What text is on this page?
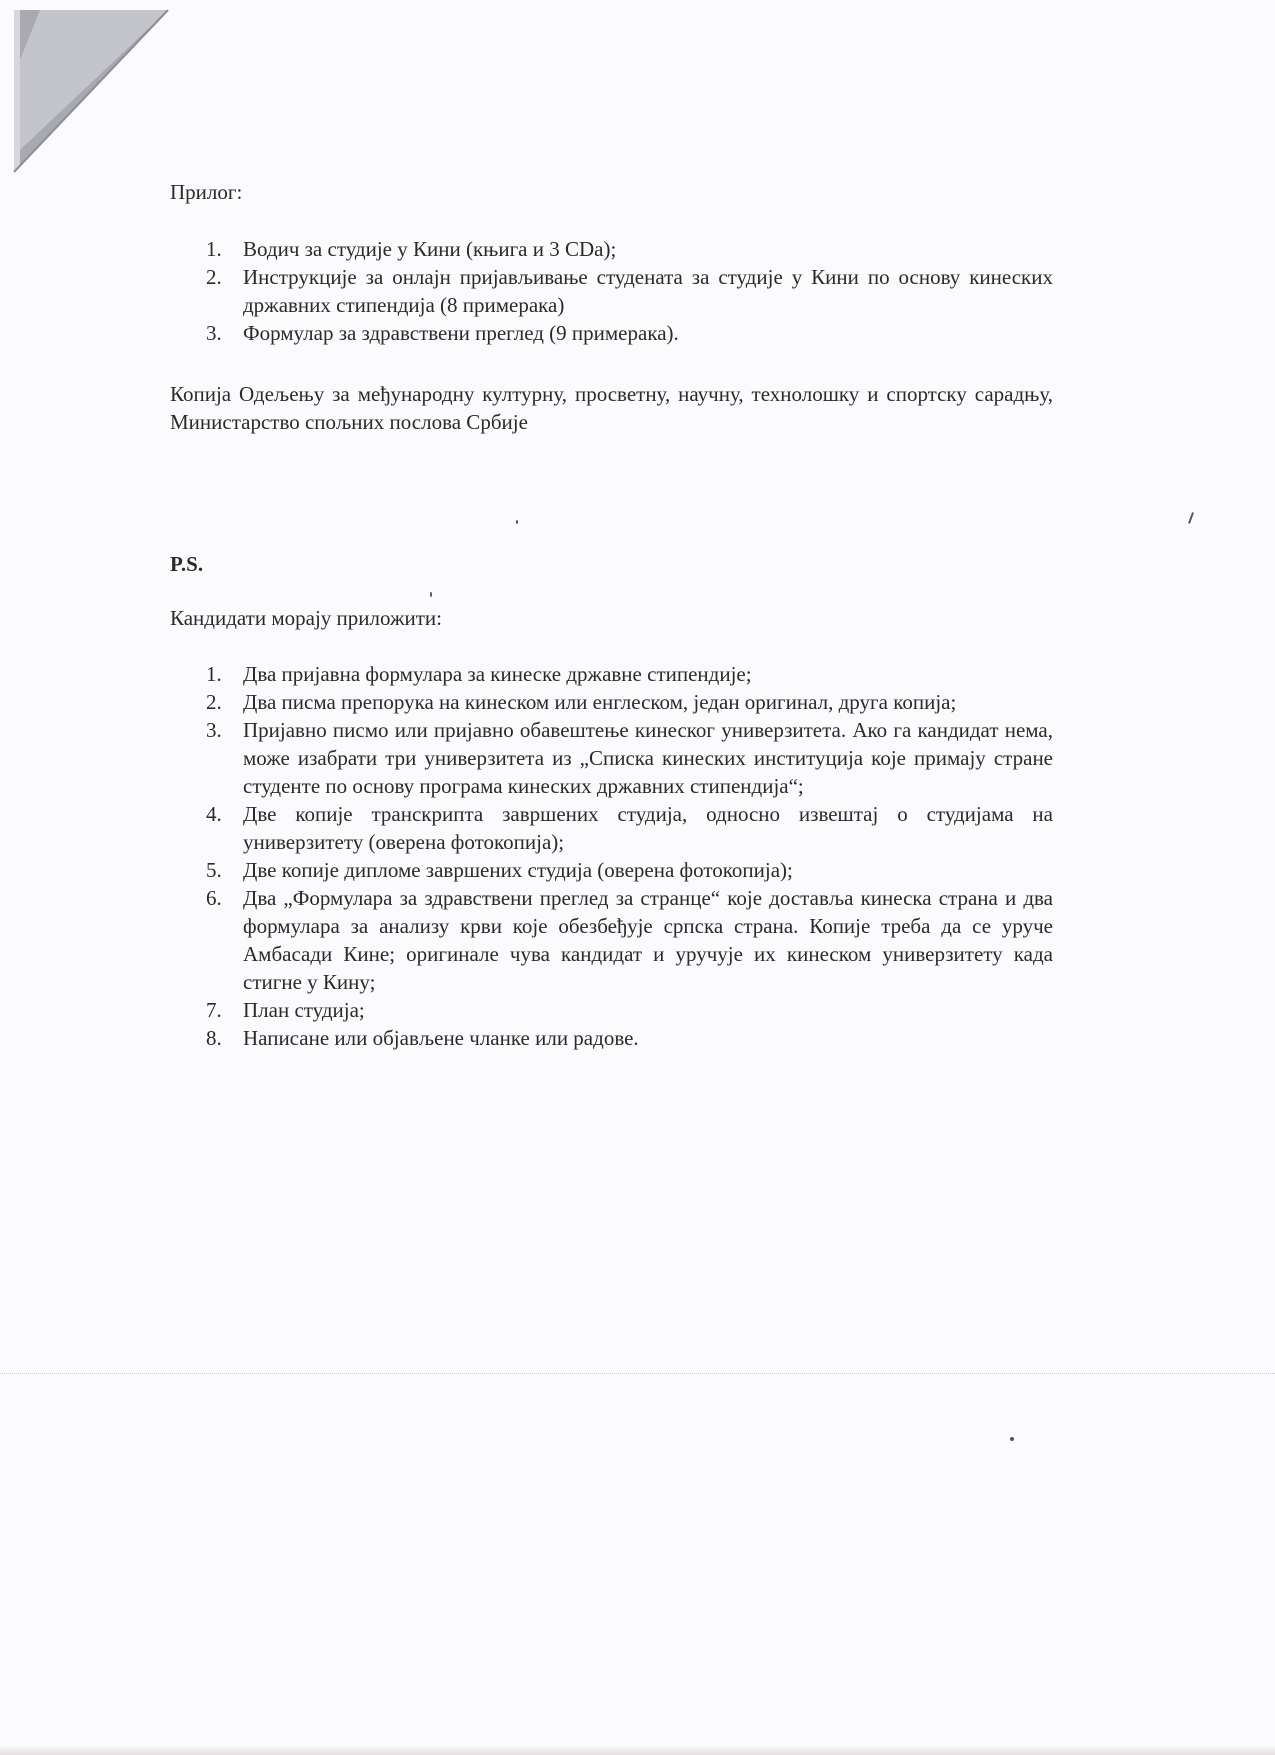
Прилог:
1.	Водич за студије у Кини (књига и 3 CDa);
2.	Инструкције за онлајн пријављивање студената за студије у Кини по основу кинеских државних стипендија (8 примерака)
3.	Формулар за здравствени преглед (9 примерака).
Копија Одељењу за међународну културну, просветну, научну, технолошку и спортску сарадњу, Министарство спољних послова Србије
P.S.
Кандидати морају приложити:
1.	Два пријавна формулара за кинеске државне стипендије;
2.	Два писма препорука на кинеском или енглеском, један оригинал, друга копија;
3.	Пријавно писмо или пријавно обавештење кинеског универзитета. Ако га кандидат нема, може изабрати три универзитета из „Списка кинеских институција које примају стране студенте по основу програма кинеских државних стипендија“;
4.	Две копије транскрипта завршених студија, односно извештај о студијама на универзитету (оверена фотокопија);
5.	Две копије дипломе завршених студија (оверена фотокопија);
6.	Два „Формулара за здравствени преглед за странце“ које доставља кинеска страна и два формулара за анализу крви које обезбеђује српска страна. Копије треба да се уруче Амбасади Кине; оригинале чува кандидат и уручује их кинеском универзитету када стигне у Кину;
7.	План студија;
8.	Написане или објављене чланке или радове.
